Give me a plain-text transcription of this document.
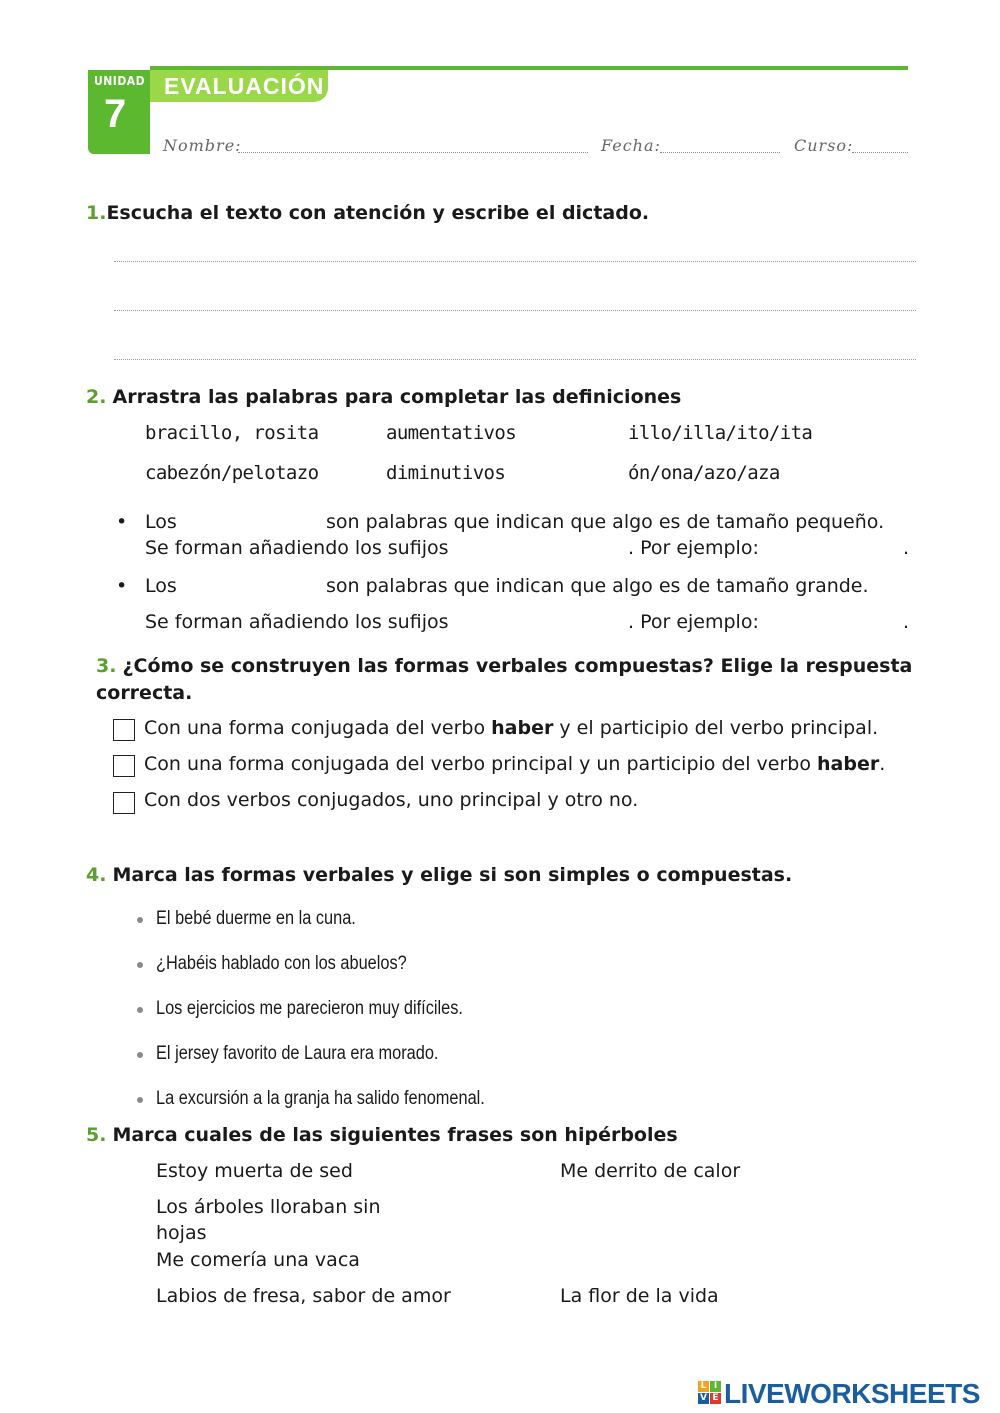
UNIDAD
7
EVALUACIÓN
Nombre:	Fecha:	Curso:
1.Escucha el texto con atención y escribe el dictado.
2. Arrastra las palabras para completar las definiciones
bracillo, rosita	aumentativos	illo/illa/ito/ita
cabezón/pelotazo	diminutivos	ón/ona/azo/aza
• Los	son palabras que indican que algo es de tamaño pequeño.
Se forman añadiendo los sufijos	. Por ejemplo:	.
• Los	son palabras que indican que algo es de tamaño grande.
Se forman añadiendo los sufijos	. Por ejemplo:	.
3. ¿Cómo se construyen las formas verbales compuestas? Elige la respuesta
correcta.
Con una forma conjugada del verbo haber y el participio del verbo principal.
Con una forma conjugada del verbo principal y un participio del verbo haber.
Con dos verbos conjugados, uno principal y otro no.
4. Marca las formas verbales y elige si son simples o compuestas.
El bebé duerme en la cuna.
¿Habéis hablado con los abuelos?
Los ejercicios me parecieron muy difíciles.
El jersey favorito de Laura era morado.
La excursión a la granja ha salido fenomenal.
5. Marca cuales de las siguientes frases son hipérboles
Estoy muerta de sed	Me derrito de calor
Los árboles lloraban sin
hojas
Me comería una vaca
Labios de fresa, sabor de amor	La flor de la vida
L I
V E LIVEWORKSHEETS
